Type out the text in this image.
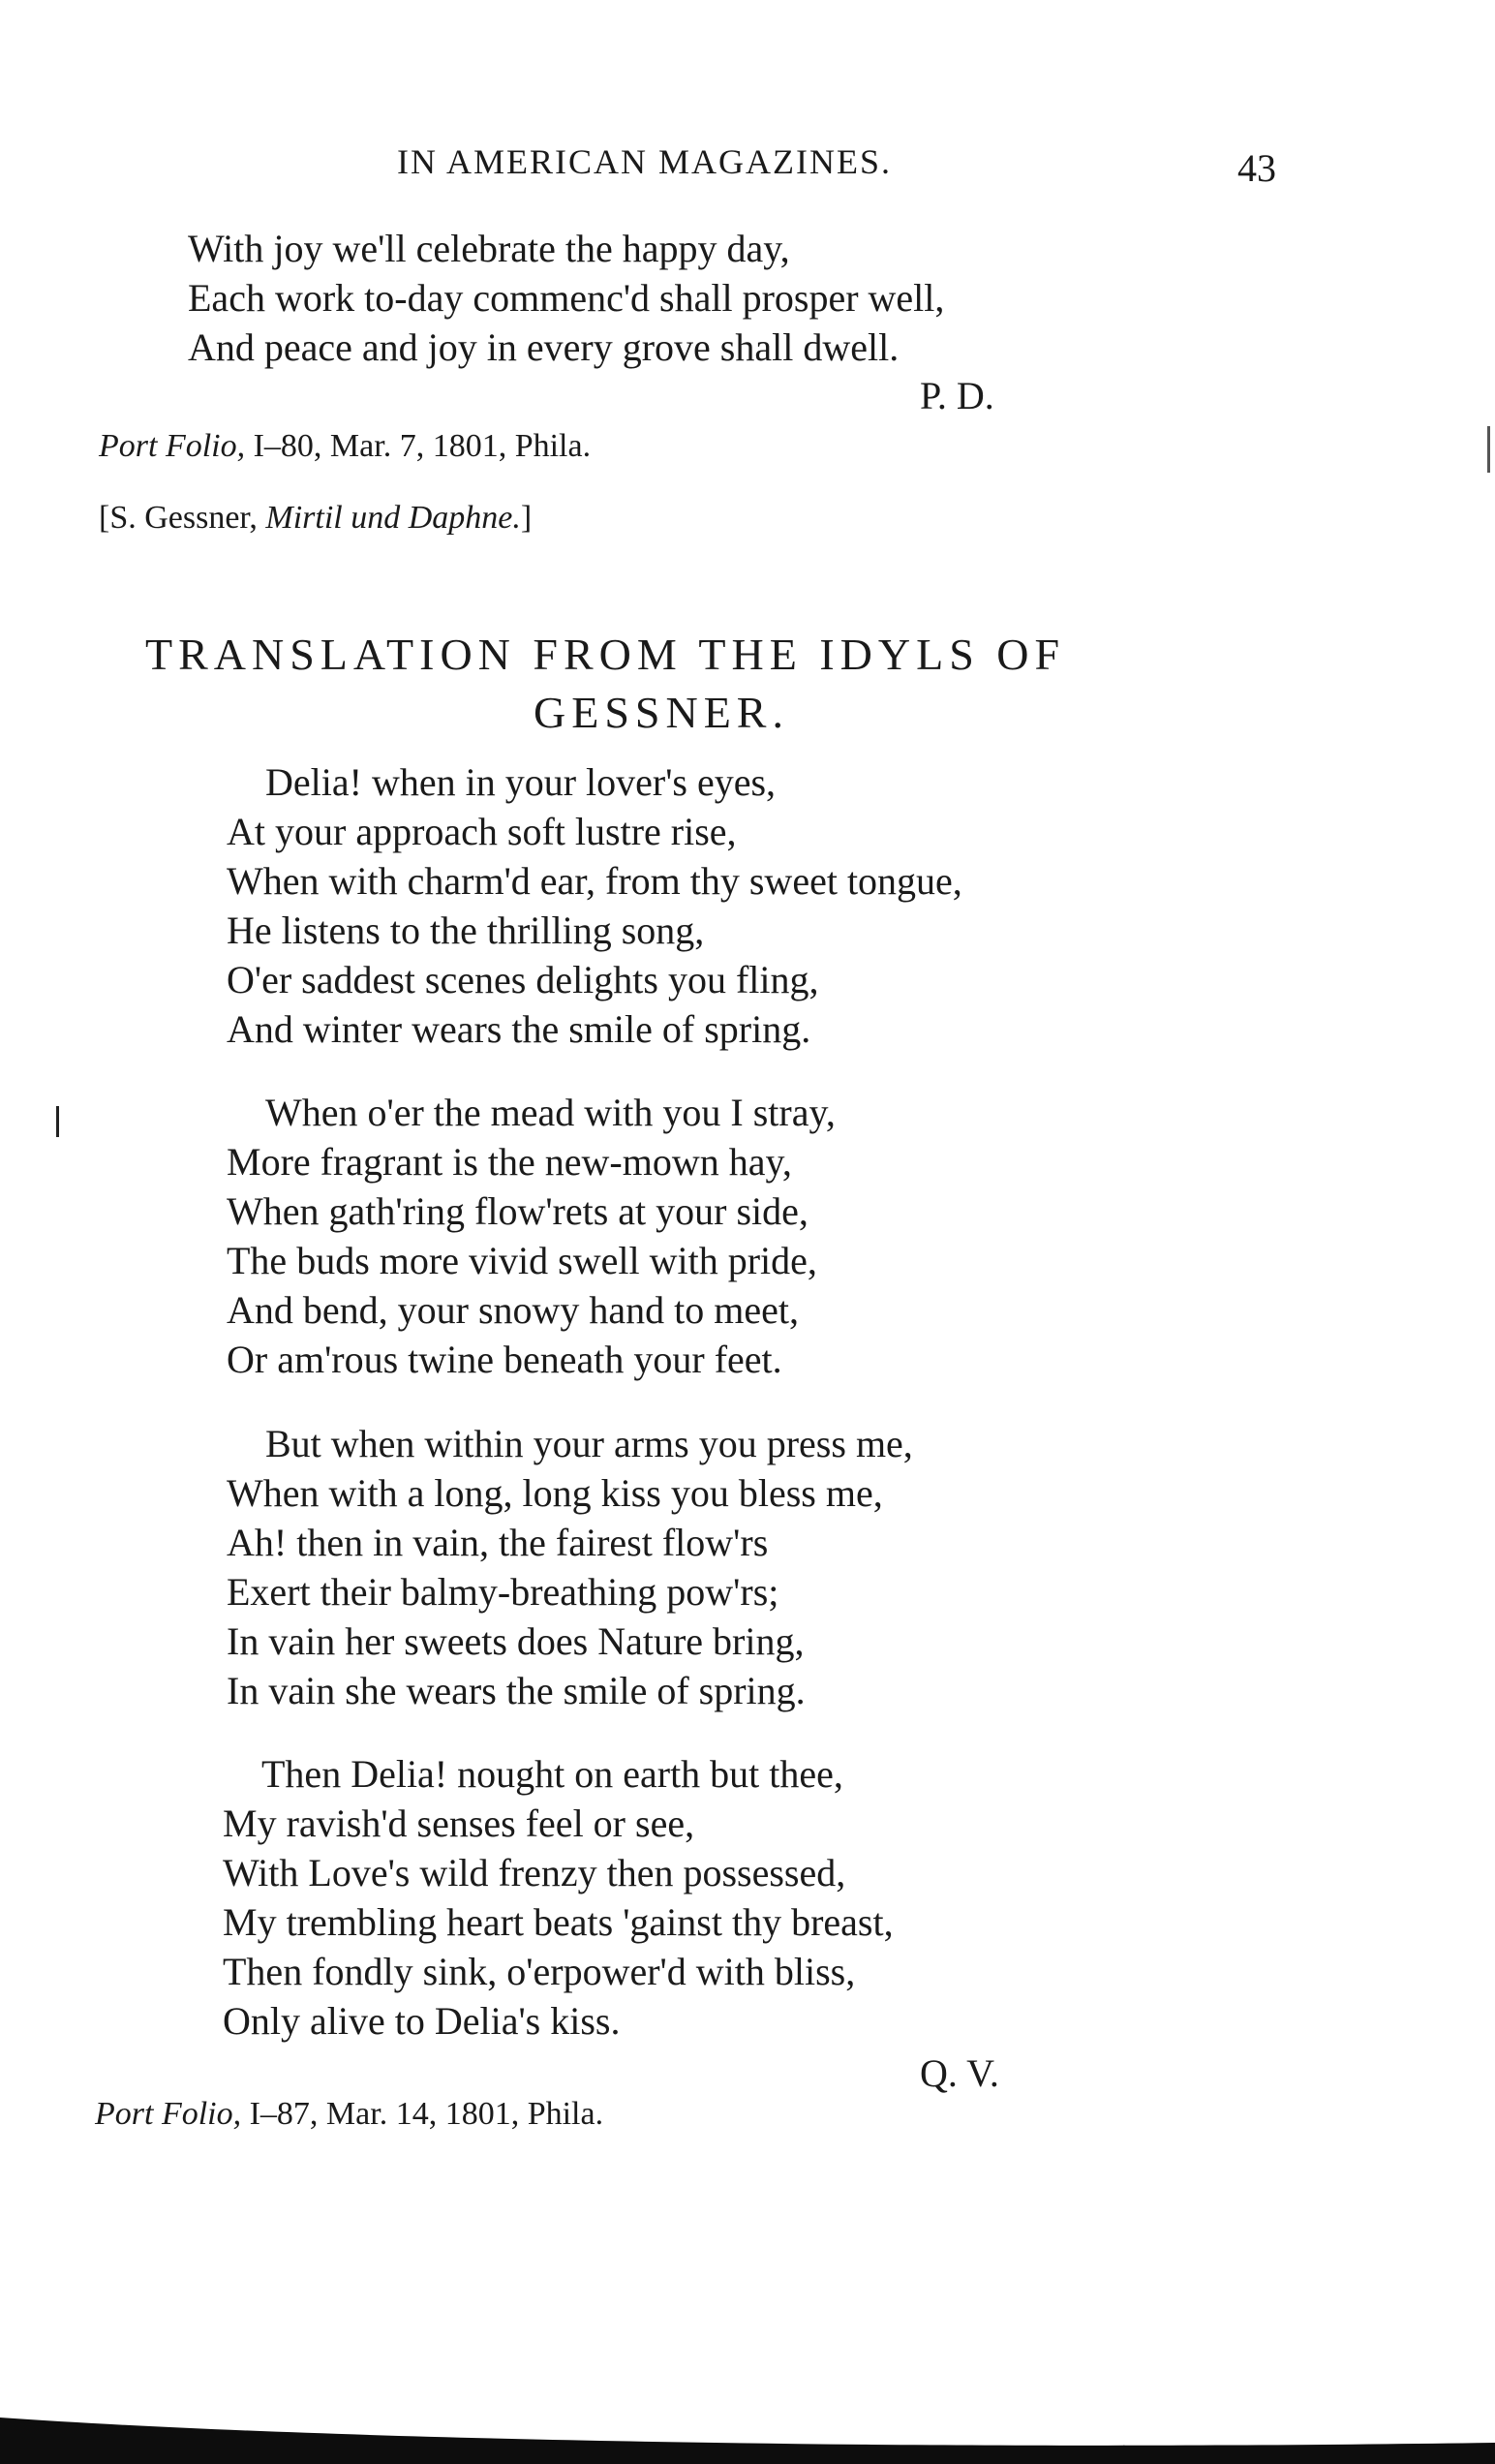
IN AMERICAN MAGAZINES.	43
With joy we'll celebrate the happy day,
Each work to-day commenc'd shall prosper well,
And peace and joy in every grove shall dwell.
P. D.
Port Folio, I–80, Mar. 7, 1801, Phila.
[S. Gessner, Mirtil und Daphne.]
TRANSLATION FROM THE IDYLS OF
GESSNER.
Delia! when in your lover's eyes,
At your approach soft lustre rise,
When with charm'd ear, from thy sweet tongue,
He listens to the thrilling song,
O'er saddest scenes delights you fling,
And winter wears the smile of spring.
When o'er the mead with you I stray,
More fragrant is the new-mown hay,
When gath'ring flow'rets at your side,
The buds more vivid swell with pride,
And bend, your snowy hand to meet,
Or am'rous twine beneath your feet.
But when within your arms you press me,
When with a long, long kiss you bless me,
Ah! then in vain, the fairest flow'rs
Exert their balmy-breathing pow'rs;
In vain her sweets does Nature bring,
In vain she wears the smile of spring.
Then Delia! nought on earth but thee,
My ravish'd senses feel or see,
With Love's wild frenzy then possessed,
My trembling heart beats 'gainst thy breast,
Then fondly sink, o'erpower'd with bliss,
Only alive to Delia's kiss.
Q. V.
Port Folio, I–87, Mar. 14, 1801, Phila.
